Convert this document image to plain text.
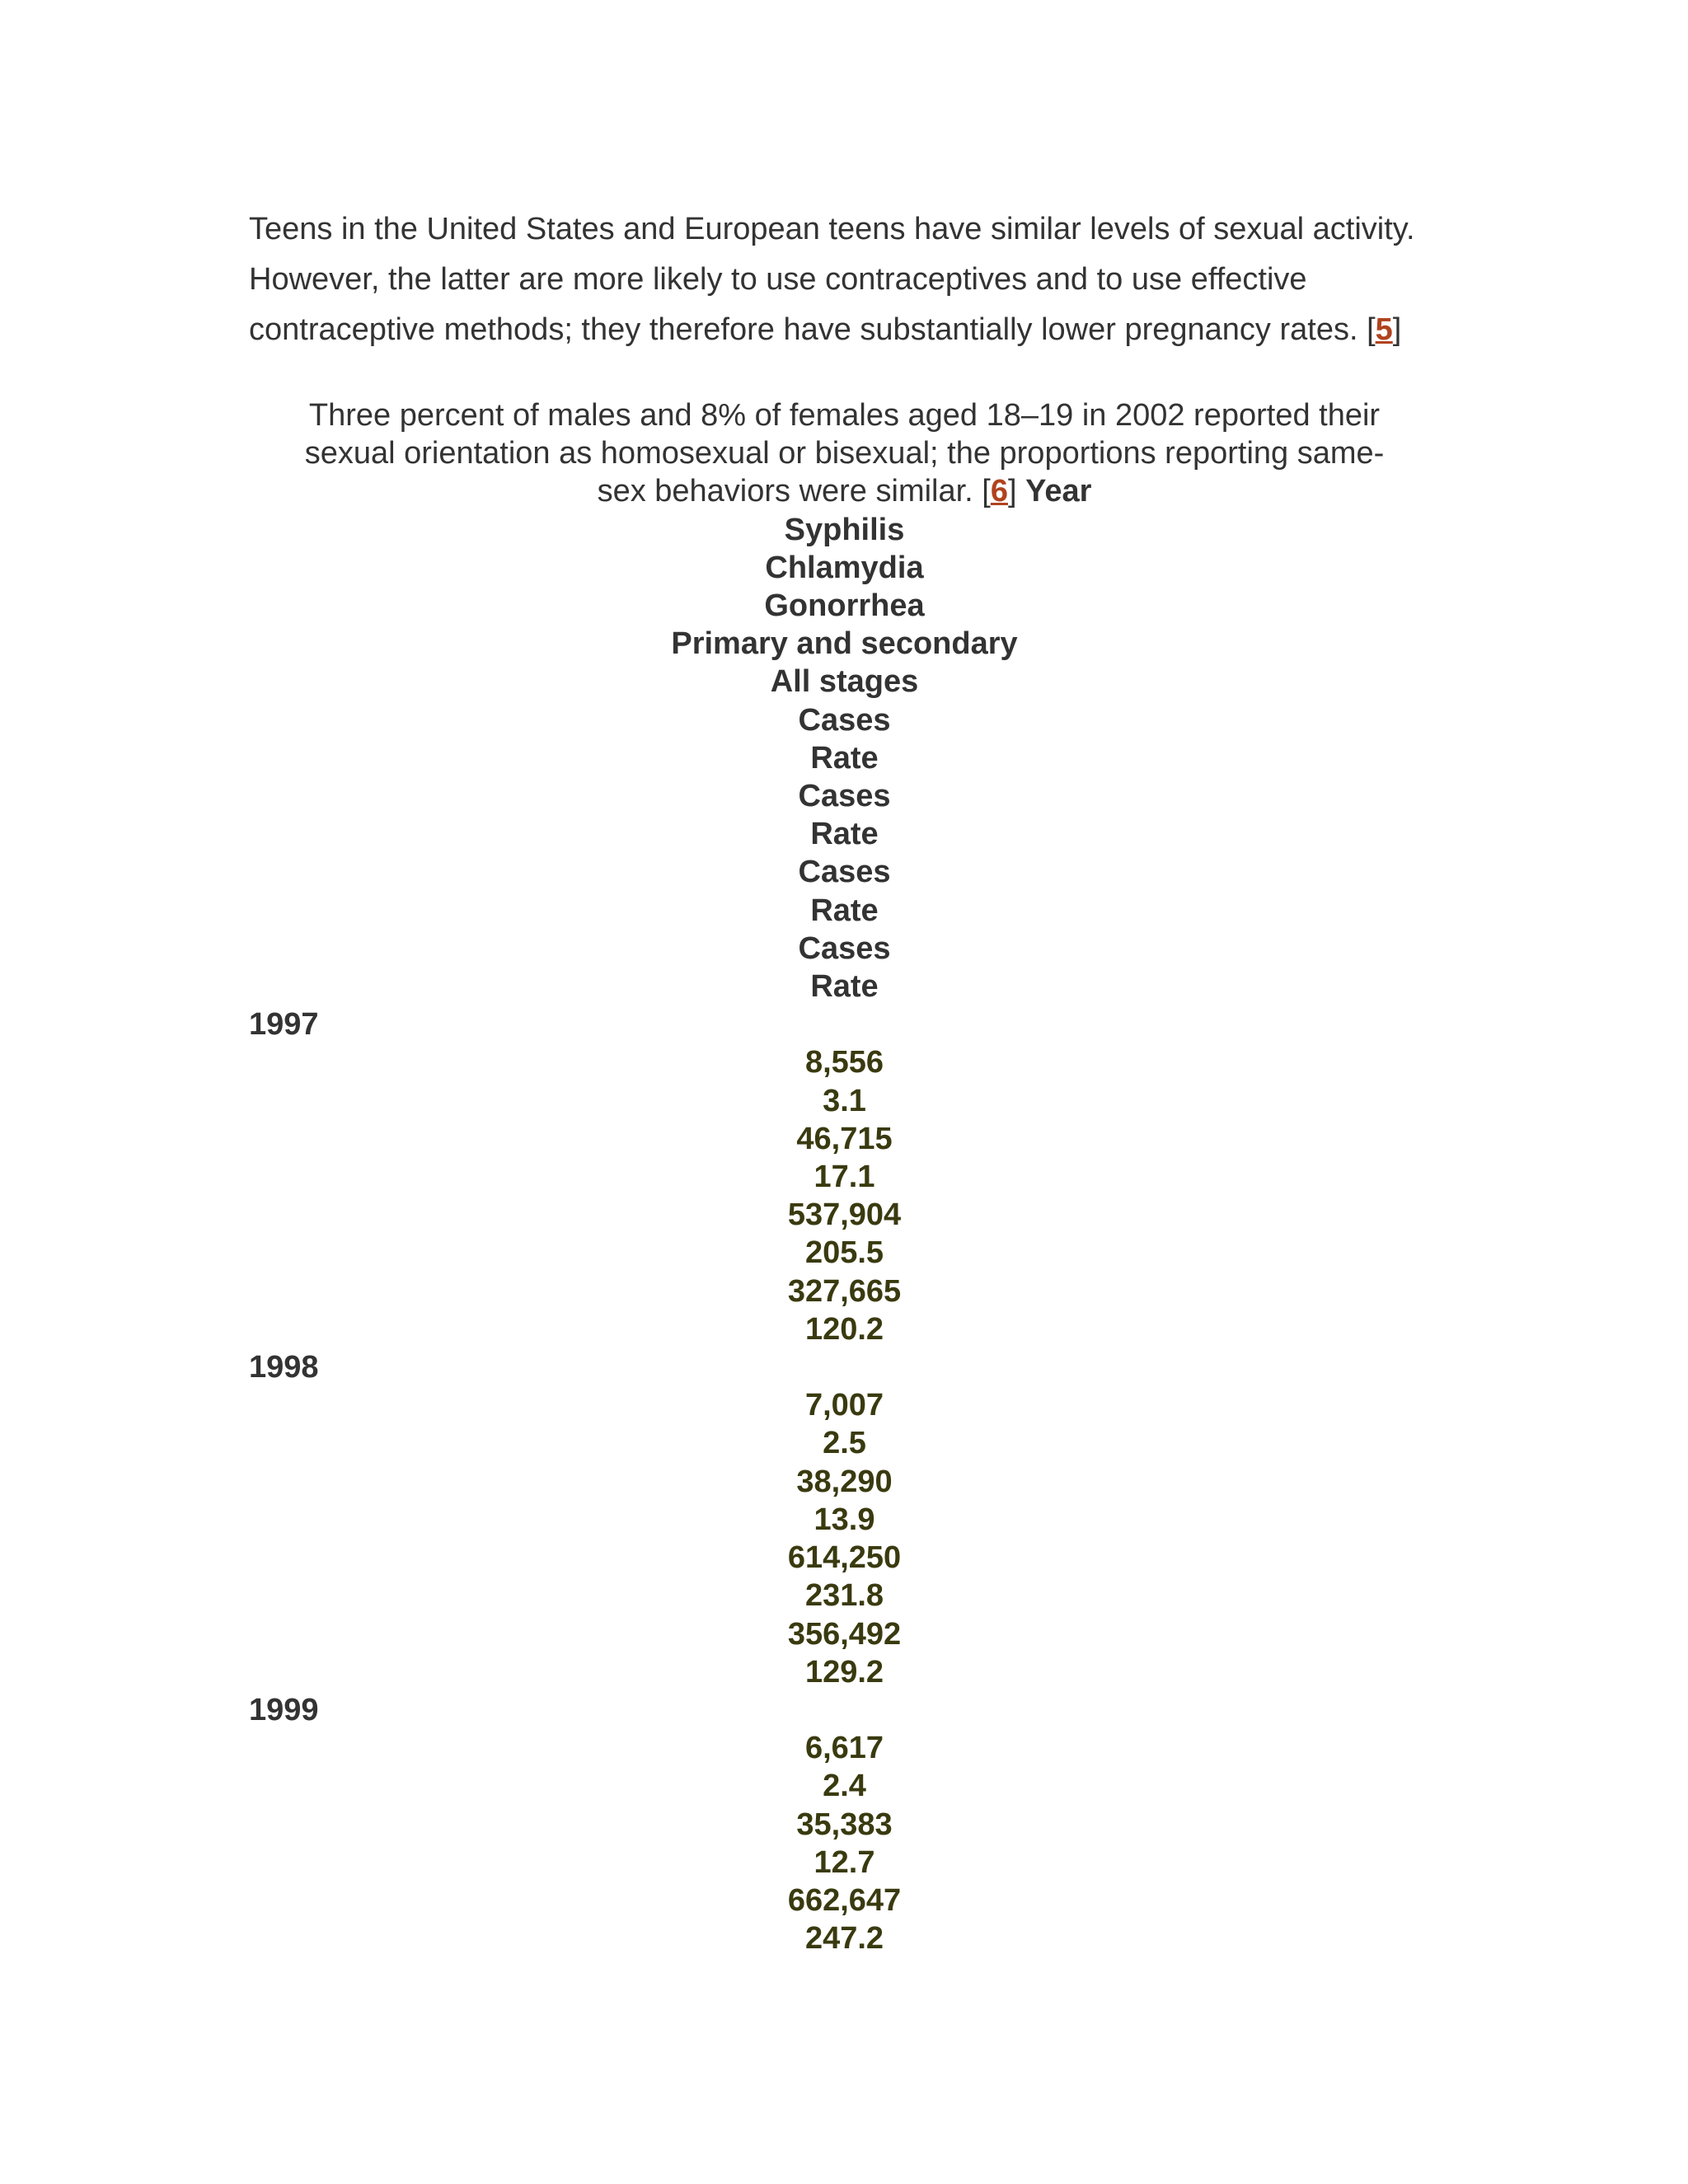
Teens in the United States and European teens have similar levels of sexual activity. However, the latter are more likely to use contraceptives and to use effective contraceptive methods; they therefore have substantially lower pregnancy rates. [5]

Three percent of males and 8% of females aged 18–19 in 2002 reported their
sexual orientation as homosexual or bisexual; the proportions reporting same-
sex behaviors were similar. [6] Year
Syphilis
Chlamydia
Gonorrhea
Primary and secondary
All stages
Cases
Rate
Cases
Rate
Cases
Rate
Cases
Rate
1997
8,556
3.1
46,715
17.1
537,904
205.5
327,665
120.2
1998
7,007
2.5
38,290
13.9
614,250
231.8
356,492
129.2
1999
6,617
2.4
35,383
12.7
662,647
247.2
